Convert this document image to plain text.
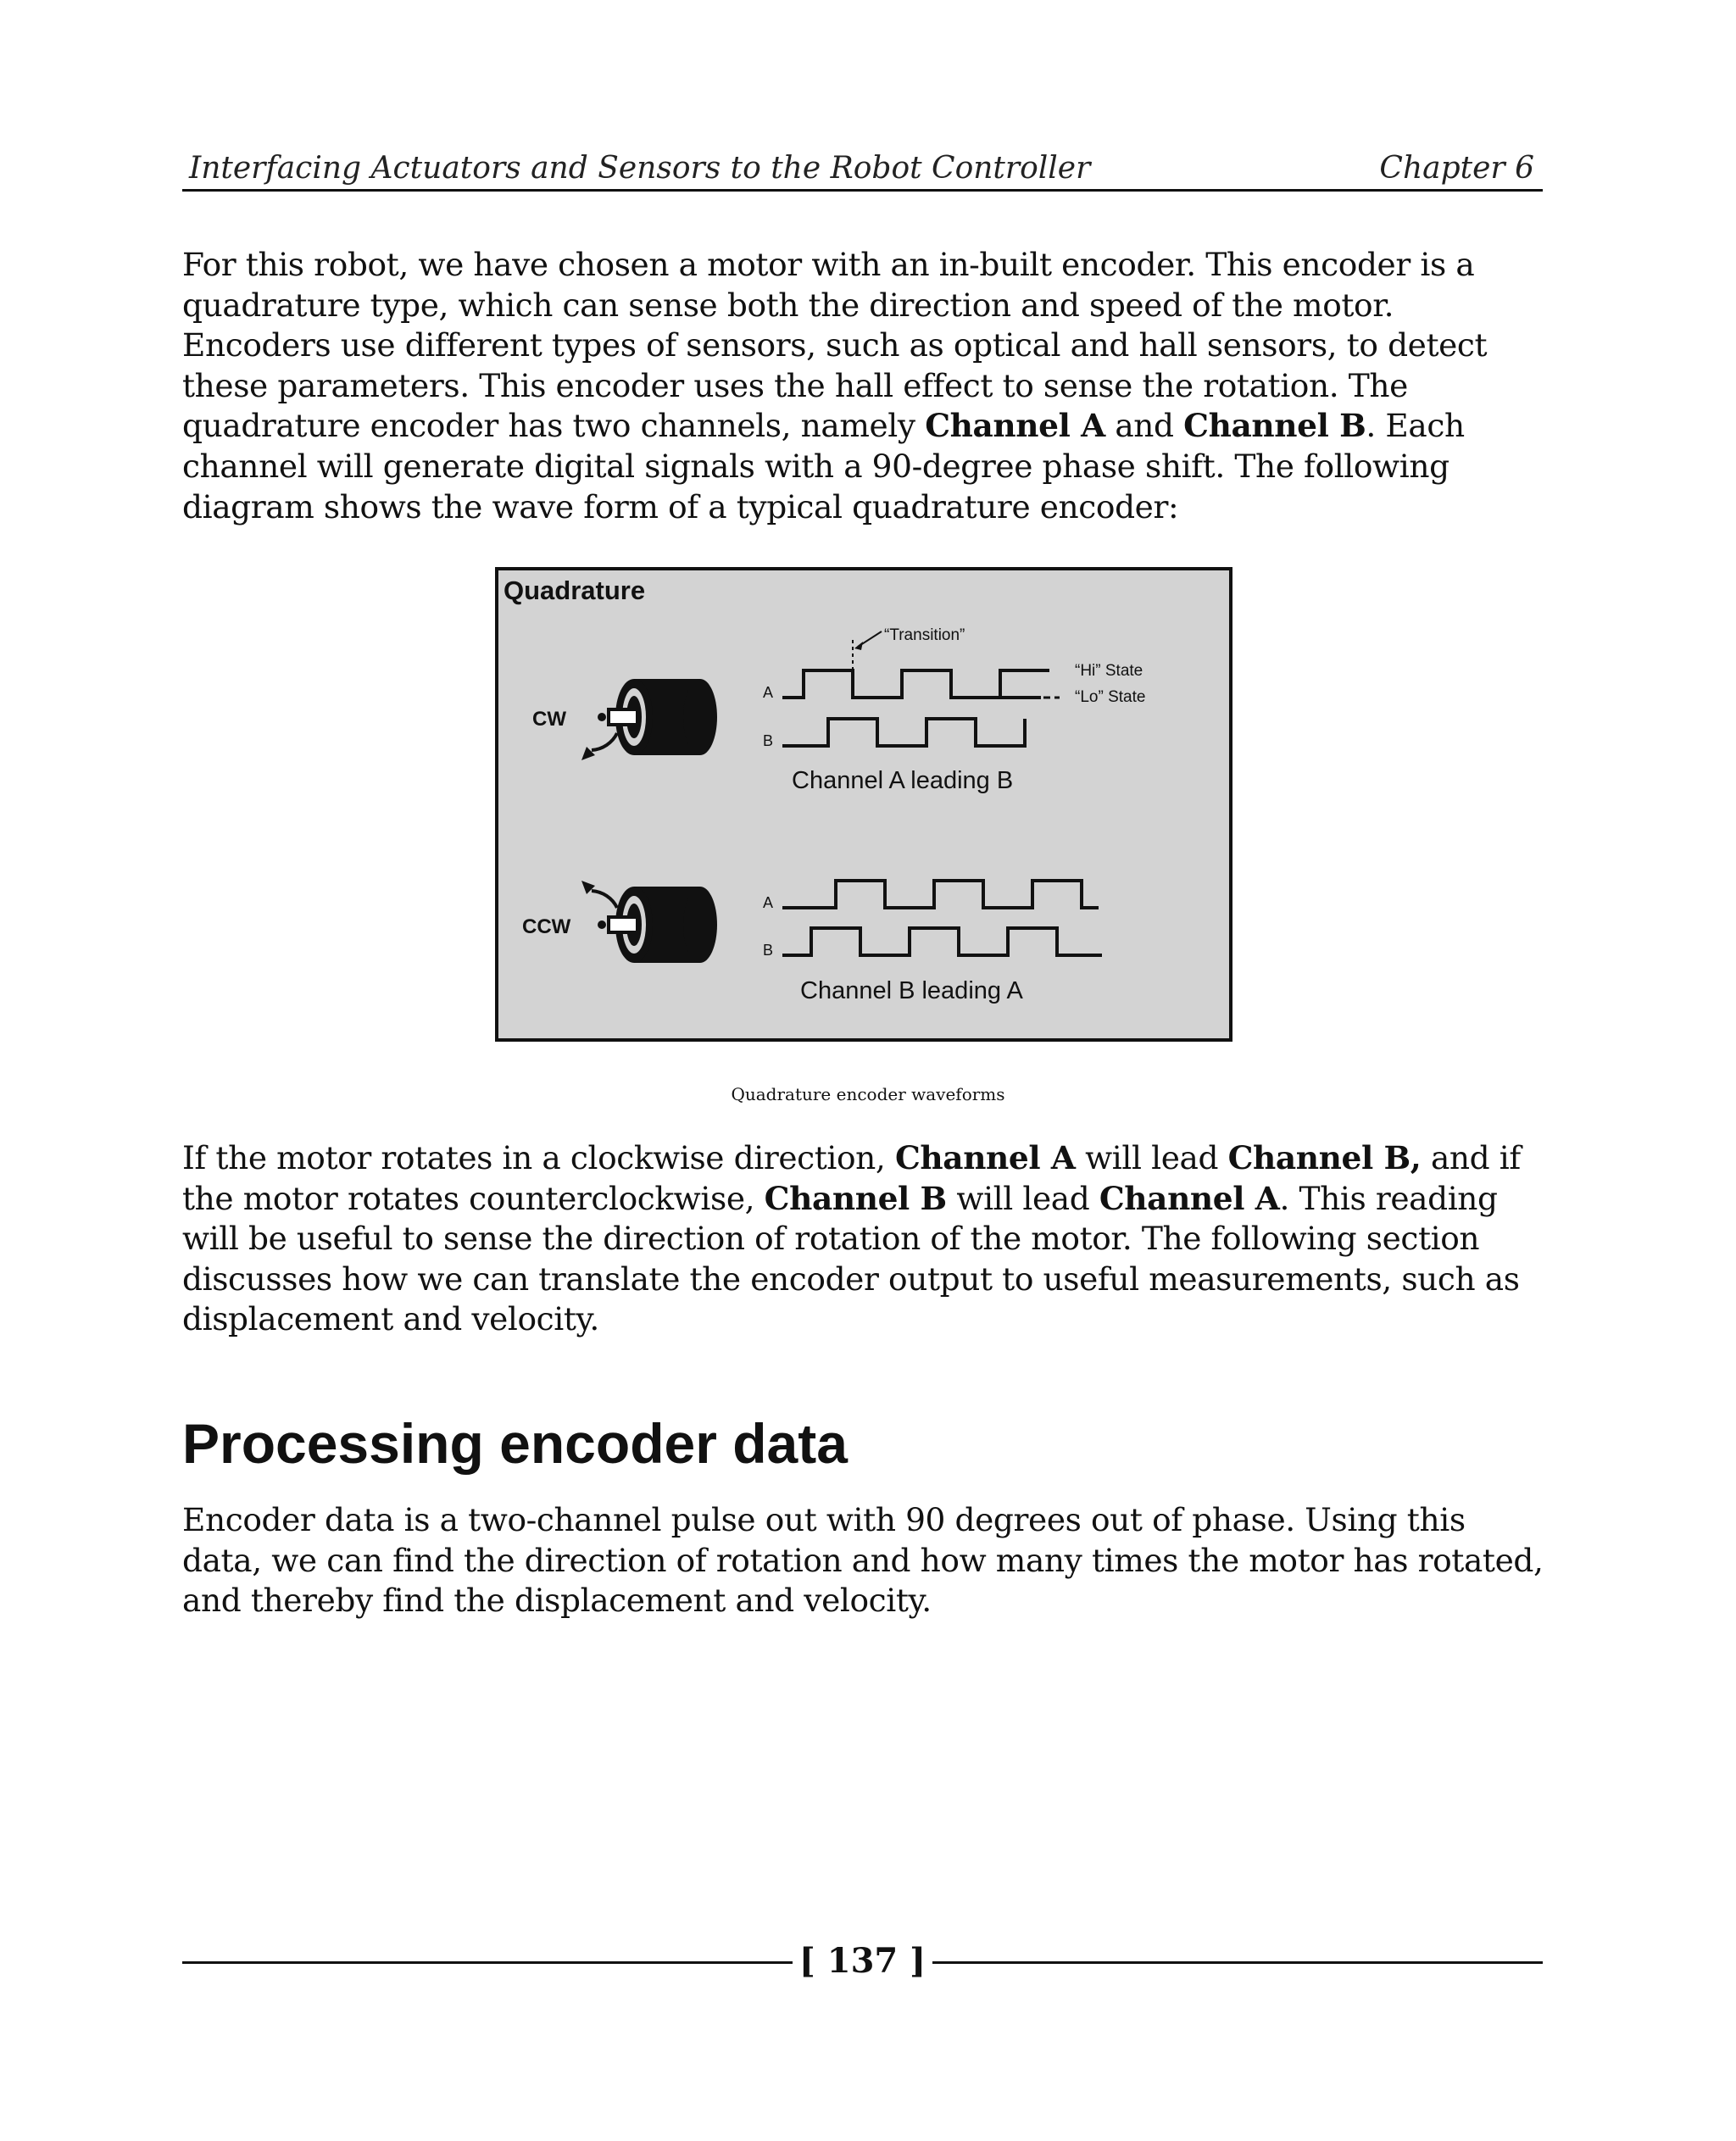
Interfacing Actuators and Sensors to the Robot Controller	Chapter 6

For this robot, we have chosen a motor with an in-built encoder. This encoder is a quadrature type, which can sense both the direction and speed of the motor. Encoders use different types of sensors, such as optical and hall sensors, to detect these parameters. This encoder uses the hall effect to sense the rotation. The quadrature encoder has two channels, namely Channel A and Channel B. Each channel will generate digital signals with a 90-degree phase shift. The following diagram shows the wave form of a typical quadrature encoder:

Quadrature
CW
CCW
A
B
“Transition”
“Hi” State
“Lo” State
Channel A leading B
A
B
Channel B leading A
Quadrature encoder waveforms

If the motor rotates in a clockwise direction, Channel A will lead Channel B, and if the motor rotates counterclockwise, Channel B will lead Channel A. This reading will be useful to sense the direction of rotation of the motor. The following section discusses how we can translate the encoder output to useful measurements, such as displacement and velocity.

Processing encoder data

Encoder data is a two-channel pulse out with 90 degrees out of phase. Using this data, we can find the direction of rotation and how many times the motor has rotated, and thereby find the displacement and velocity.

[ 137 ]
